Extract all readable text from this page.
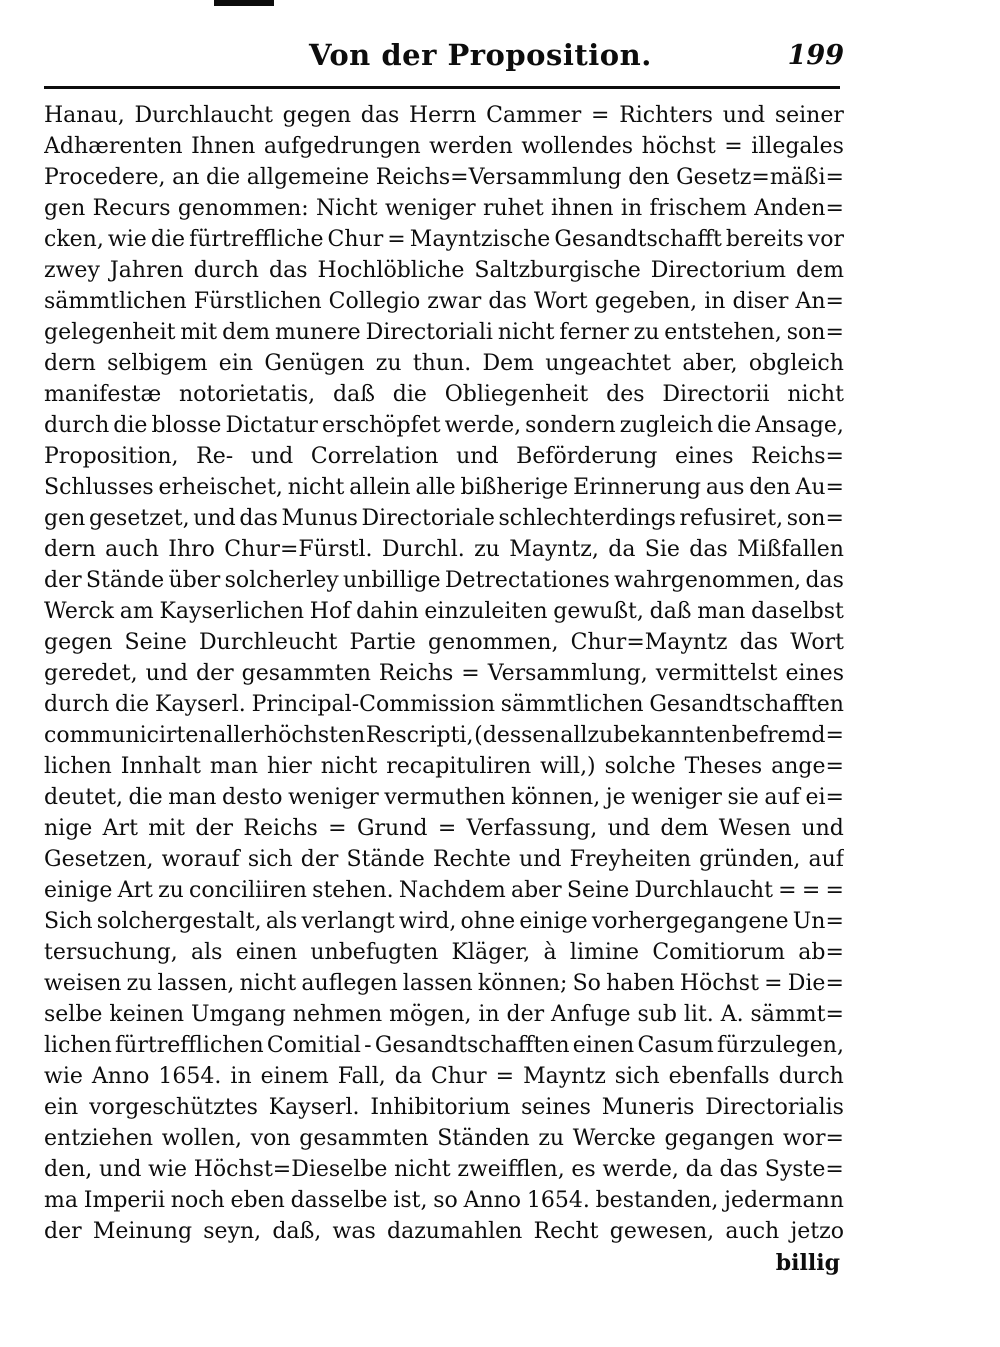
Von der Proposition.	199
Hanau, Durchlaucht gegen das Herrn Cammer = Richters und seiner
Adhærenten Ihnen aufgedrungen werden wollendes höchst = illegales
Procedere, an die allgemeine Reichs=Versammlung den Gesetz=mäßi=
gen Recurs genommen: Nicht weniger ruhet ihnen in frischem Anden=
cken, wie die fürtreffliche Chur = Mayntzische Gesandtschafft bereits vor
zwey Jahren durch das Hochlöbliche Saltzburgische Directorium dem
sämmtlichen Fürstlichen Collegio zwar das Wort gegeben, in diser An=
gelegenheit mit dem munere Directoriali nicht ferner zu entstehen, son=
dern selbigem ein Genügen zu thun. Dem ungeachtet aber, obgleich
manifestæ notorietatis, daß die Obliegenheit des Directorii nicht
durch die blosse Dictatur erschöpfet werde, sondern zugleich die Ansage,
Proposition, Re- und Correlation und Beförderung eines Reichs=
Schlusses erheischet, nicht allein alle bißherige Erinnerung aus den Au=
gen gesetzet, und das Munus Directoriale schlechterdings refusiret, son=
dern auch Ihro Chur=Fürstl. Durchl. zu Mayntz, da Sie das Mißfallen
der Stände über solcherley unbillige Detrectationes wahrgenommen, das
Werck am Kayserlichen Hof dahin einzuleiten gewußt, daß man daselbst
gegen Seine Durchleucht Partie genommen, Chur=Mayntz das Wort
geredet, und der gesammten Reichs = Versammlung, vermittelst eines
durch die Kayserl. Principal-Commission sämmtlichen Gesandtschafften
communicirten allerhöchsten Rescripti, (dessen allzubekannten befremd=
lichen Innhalt man hier nicht recapituliren will,) solche Theses ange=
deutet, die man desto weniger vermuthen können, je weniger sie auf ei=
nige Art mit der Reichs = Grund = Verfassung, und dem Wesen und
Gesetzen, worauf sich der Stände Rechte und Freyheiten gründen, auf
einige Art zu conciliiren stehen. Nachdem aber Seine Durchlaucht = = =
Sich solchergestalt, als verlangt wird, ohne einige vorhergegangene Un=
tersuchung, als einen unbefugten Kläger, à limine Comitiorum ab=
weisen zu lassen, nicht auflegen lassen können; So haben Höchst = Die=
selbe keinen Umgang nehmen mögen, in der Anfuge sub lit. A. sämmt=
lichen fürtrefflichen Comitial - Gesandtschafften einen Casum fürzulegen,
wie Anno 1654. in einem Fall, da Chur = Mayntz sich ebenfalls durch
ein vorgeschütztes Kayserl. Inhibitorium seines Muneris Directorialis
entziehen wollen, von gesammten Ständen zu Wercke gegangen wor=
den, und wie Höchst=Dieselbe nicht zweifflen, es werde, da das Syste=
ma Imperii noch eben dasselbe ist, so Anno 1654. bestanden, jedermann
der Meinung seyn, daß, was dazumahlen Recht gewesen, auch jetzo
billig
